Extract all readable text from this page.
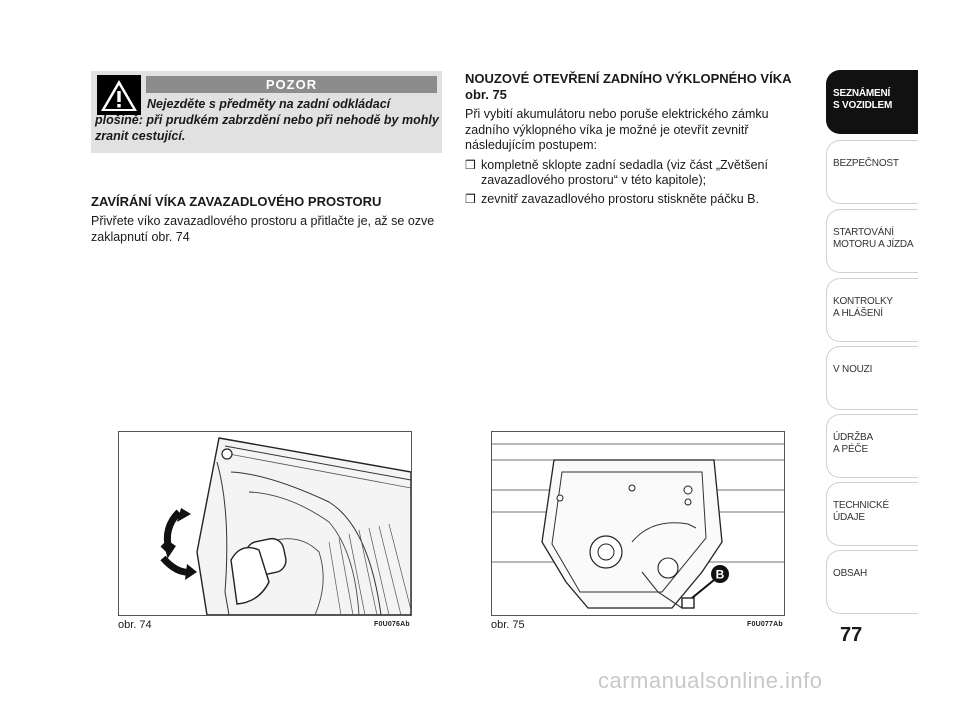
POZOR
Nejezděte s předměty na zadní odkládací plošině: při prudkém zabrzdění nebo při nehodě by mohly zranit cestující.
ZAVÍRÁNÍ VÍKA ZAVAZADLOVÉHO PROSTORU

Přivřete víko zavazadlového prostoru a přitlačte je, až se ozve zaklapnutí obr. 74

NOUZOVÉ OTEVŘENÍ ZADNÍHO VÝKLOPNÉHO VÍKA obr. 75

Při vybití akumulátoru nebo poruše elektrického zámku zadního výklopného víka je možné je otevřít zevnitř následujícím postupem:

❒ kompletně sklopte zadní sedadla (viz část „Zvětšení zavazadlového prostoru“ v této kapitole);
❒ zevnitř zavazadlového prostoru stiskněte páčku B.
obr. 74	F0U076Ab
B
obr. 75	F0U077Ab
SEZNÁMENÍ
S VOZIDLEM
BEZPEČNOST
STARTOVÁNÍ
MOTORU A JÍZDA
KONTROLKY
A HLÁŠENÍ
V NOUZI
ÚDRŽBA
A PÉČE
TECHNICKÉ
ÚDAJE
OBSAH
77
carmanualsonline.info
